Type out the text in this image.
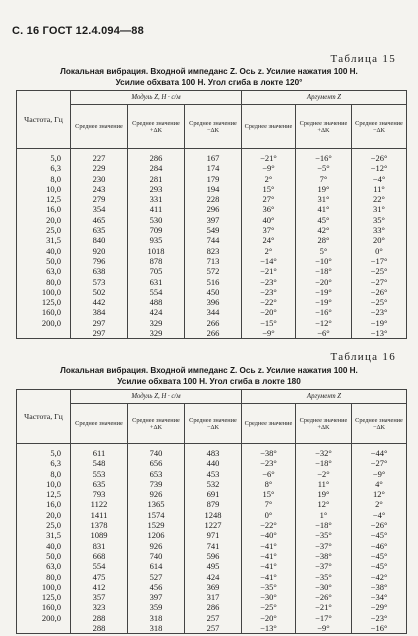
С. 16 ГОСТ 12.4.094—88
Таблица 15
Локальная вибрация. Входной импеданс Z. Ось z. Усилие нажатия 100 Н.
Усилие обхвата 100 Н. Угол сгиба в локте 120°
Частота, Гц	Модуль Z, Н · с/м			Аргумент Z		
	Среднее значение	Среднее значение +ΔK	Среднее значение −ΔK	Среднее значение	Среднее значение +ΔK	Среднее значение −ΔK
5,0	227	286	167	−21°	−16°	−26°
6,3	229	284	174	−9°	−5°	−12°
8,0	230	281	179	2°	7°	−4°
10,0	243	293	194	15°	19°	11°
12,5	279	331	228	27°	31°	22°
16,0	354	411	296	36°	41°	31°
20,0	465	530	397	40°	45°	35°
25,0	635	709	549	37°	42°	33°
31,5	840	935	744	24°	28°	20°
40,0	920	1018	823	2°	5°	0°
50,0	796	878	713	−14°	−10°	−17°
63,0	638	705	572	−21°	−18°	−25°
80,0	573	631	516	−23°	−20°	−27°
100,0	502	554	450	−23°	−19°	−26°
125,0	442	488	396	−22°	−19°	−25°
160,0	384	424	344	−20°	−16°	−23°
200,0	297	329	266	−15°	−12°	−19°
	297	329	266	−9°	−6°	−13°
Таблица 16
Локальная вибрация. Входной импеданс Z. Ось z. Усилие нажатия 100 Н.
Усилие обхвата 100 Н. Угол сгиба в локте 180
Частота, Гц	Модуль Z, Н · с/м			Аргумент Z		
	Среднее значение	Среднее значение +ΔK	Среднее значение −ΔK	Среднее значение	Среднее значение +ΔK	Среднее значение −ΔK
5,0	611	740	483	−38°	−32°	−44°
6,3	548	656	440	−23°	−18°	−27°
8,0	553	653	453	−6°	−2°	−9°
10,0	635	739	532	8°	11°	4°
12,5	793	926	691	15°	19°	12°
16,0	1122	1365	879	7°	12°	2°
20,0	1411	1574	1248	0°	1°	−4°
25,0	1378	1529	1227	−22°	−18°	−26°
31,5	1089	1206	971	−40°	−35°	−45°
40,0	831	926	741	−41°	−37°	−46°
50,0	668	740	596	−41°	−38°	−45°
63,0	554	614	495	−41°	−37°	−45°
80,0	475	527	424	−41°	−35°	−42°
100,0	412	456	369	−35°	−30°	−38°
125,0	357	397	317	−30°	−26°	−34°
160,0	323	359	286	−25°	−21°	−29°
200,0	288	318	257	−20°	−17°	−23°
	288	318	257	−13°	−9°	−16°
